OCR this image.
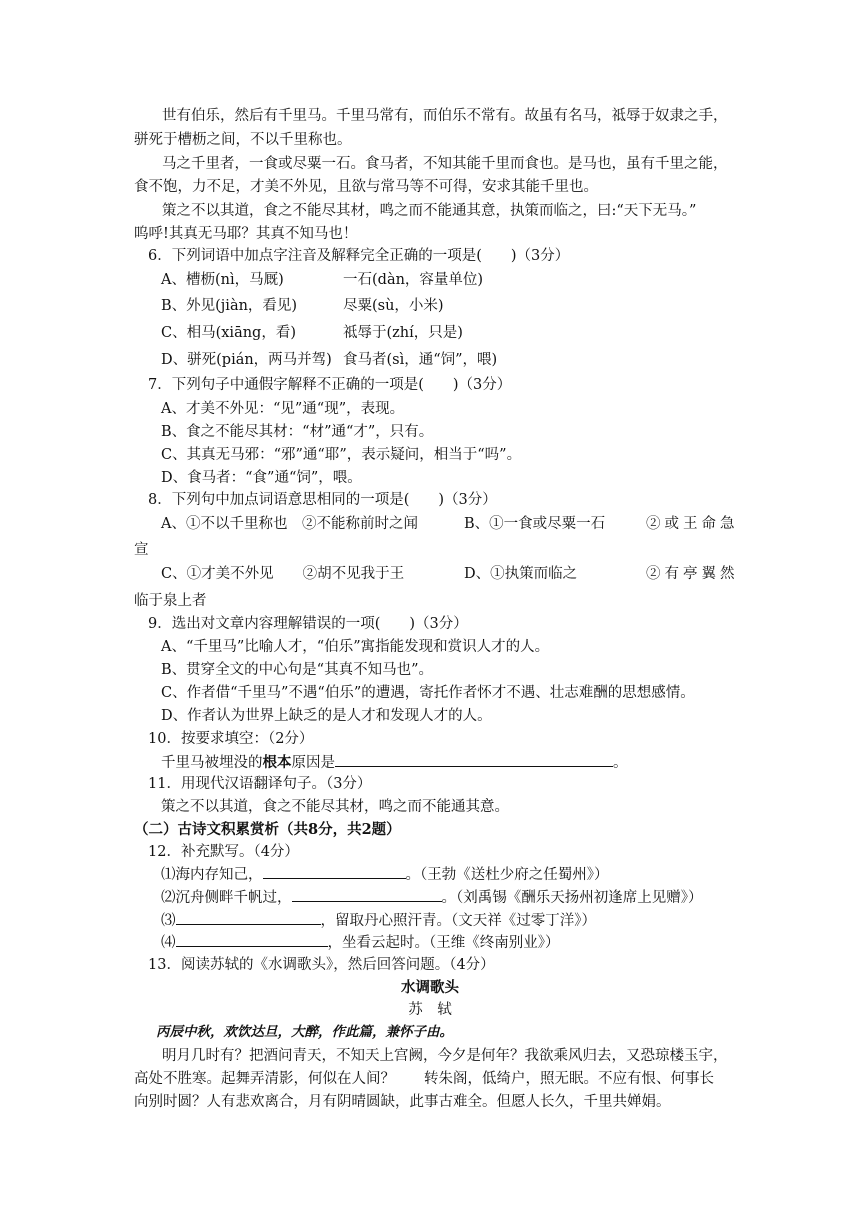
世有伯乐，然后有千里马。千里马常有，而伯乐不常有。故虽有名马，祗辱于奴隶之手，
骈死于槽枥之间，不以千里称也。
马之千里者，一食或尽粟一石。食马者，不知其能千里而食也。是马也，虽有千里之能，
食不饱，力不足，才美不外见，且欲与常马等不可得，安求其能千里也。
策之不以其道，食之不能尽其材，鸣之而不能通其意，执策而临之，曰:“天下无马。”
呜呼!其真无马耶？其真不知马也！
6．下列词语中加点字注音及解释完全正确的一项是(　　)（3分）
A、槽枥(nì，马厩)	一石(dàn，容量单位)
B、外见(jiàn，看见)	尽粟(sù，小米)
C、相马(xiāng，看)	祗辱于(zhí，只是)
D、骈死(pián，两马并驾) 食马者(sì，通“饲”，喂)
7．下列句子中通假字解释不正确的一项是(　　)（3分）
A、才美不外见：“见”通“现”，表现。
B、食之不能尽其材：“材”通“才”，只有。
C、其真无马邪：“邪”通“耶”，表示疑问，相当于“吗”。
D、食马者：“食”通“饲”，喂。
8．下列句中加点词语意思相同的一项是(　　)（3分）
A、①不以千里称也　②不能称前时之闻	B、①一食或尽粟一石	②或王命急
宣
C、①才美不外见　　②胡不见我于王	D、①执策而临之	②有亭翼然
临于泉上者
9．选出对文章内容理解错误的一项(　　)（3分）
A、“千里马”比喻人才，“伯乐”寓指能发现和赏识人才的人。
B、贯穿全文的中心句是“其真不知马也”。
C、作者借“千里马”不遇“伯乐”的遭遇，寄托作者怀才不遇、壮志难酬的思想感情。
D、作者认为世界上缺乏的是人才和发现人才的人。
10．按要求填空：（2分）
千里马被埋没的根本原因是	。
11．用现代汉语翻译句子。（3分）
策之不以其道，食之不能尽其材，鸣之而不能通其意。
（二）古诗文积累赏析（共8分，共2题）
12．补充默写。（4分）
⑴海内存知己，	。（王勃《送杜少府之任蜀州》）
⑵沉舟侧畔千帆过，	。（刘禹锡《酬乐天扬州初逢席上见赠》）
⑶	，留取丹心照汗青。（文天祥《过零丁洋》）
⑷	，坐看云起时。（王维《终南别业》）
13．阅读苏轼的《水调歌头》，然后回答问题。（4分）
水调歌头
苏　轼
丙辰中秋，欢饮达旦，大醉，作此篇，兼怀子由。
明月几时有？把酒问青天，不知天上宫阙，今夕是何年？我欲乘风归去，又恐琼楼玉宇，
高处不胜寒。起舞弄清影，何似在人间？　　转朱阁，低绮户，照无眠。不应有恨、何事长
向别时圆？人有悲欢离合，月有阴晴圆缺，此事古难全。但愿人长久，千里共婵娟。
